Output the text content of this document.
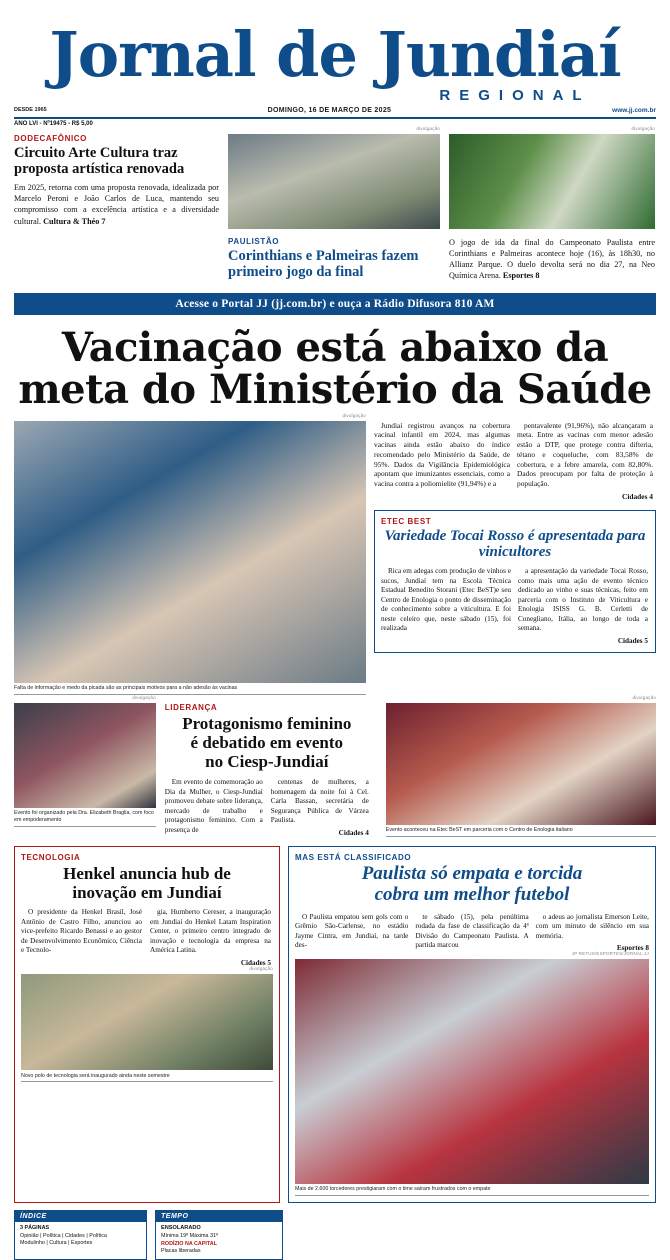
Jornal de Jundiaí
REGIONAL
DESDE 1965	DOMINGO, 16 DE MARÇO DE 2025	www.jj.com.br
ANO LVI - Nº19475 - R$ 5,00
DODECAFÔNICO
Circuito Arte Cultura traz proposta artística renovada

Em 2025, retorna com uma proposta renovada, idealizada por Marcelo Peroni e João Carlos de Luca, mantendo seu compromisso com a excelência artística e a diversidade cultural. Cultura & Théo 7

divulgação	divulgação
PAULISTÃO
Corinthians e Palmeiras fazem primeiro jogo da final

O jogo de ida da final do Campeonato Paulista entre Corinthians e Palmeiras acontece hoje (16), às 18h30, no Allianz Parque. O duelo devolta será no dia 27, na Neo Química Arena. Esportes 8

Acesse o Portal JJ (jj.com.br) e ouça a Rádio Difusora 810 AM
Vacinação está abaixo da
meta do Ministério da Saúde
divulgação
Falta de informação e medo da picada são as principais motivos para a não adesão às vacinas

Jundiaí registrou avanços na cobertura vacinal infantil em 2024, mas algumas vacinas ainda estão abaixo do índice recomendado pelo Ministério da Saúde, de 95%. Dados da Vigilância Epidemiológica apontam que imunizantes essenciais, como a vacina contra a poliomielite (91,94%) e a

pentavalente (91,96%), não alcançaram a meta. Entre as vacinas com menor adesão estão a DTP, que protege contra difteria, tétano e coqueluche, com 83,58% de cobertura, e a febre amarela, com 82,80%. Dados preocupam por falta de proteção à população.

Cidades 4
ETEC BEST
Variedade Tocai Rosso é apresentada para vinicultores

Rica em adegas com produção de vinhos e sucos, Jundiaí tem na Escola Técnica Estadual Benedito Storani (Etec BeST)e seu Centro de Enologia o ponto de disseminação de conhecimento sobre a viticultura. E foi neste celeiro que, neste sábado (15), foi realizada

a apresentação da variedade Tocai Rosso, como mais uma ação de evento técnico dedicado ao vinho e suas técnicas, feito em parceria com o Instituto de Viticultura e Enologia ISISS G. B. Cerletti de Conegliano, Itália, ao longo de toda a semana.

Cidades 5
divulgação
Evento foi organizado pela Dra. Elizabeth Braglia, com foco em empoderamento
LIDERANÇA
Protagonismo feminino
é debatido em evento
no Ciesp-Jundiaí

Em evento de comemoração ao Dia da Mulher, o Ciesp-Jundiaí promoveu debate sobre liderança, mercado de trabalho e protagonismo feminino. Com a presença de

centenas de mulheres, a homenagem da noite foi à Cel. Carla Bassan, secretária de Segurança Pública de Várzea Paulista.

Cidades 4
divulgação
Evento aconteceu na Etec BeST em parceria com o Centro de Enologia italiano
TECNOLOGIA
Henkel anuncia hub de
inovação em Jundiaí

O presidente da Henkel Brasil, José Antônio de Castro Filho, anunciou ao vice-prefeito Ricardo Benassi e ao gestor de Desenvolvimento Econômico, Ciência e Tecnolo-

gia, Humberto Cereser, a inauguração em Jundiaí do Henkel Latam Inspiration Center, o primeiro centro integrado de inovação e tecnologia da empresa na América Latina.

Cidades 5
divulgação
Novo polo de tecnologia será inaugurado ainda neste semestre
MAS ESTÁ CLASSIFICADO
Paulista só empata e torcida
cobra um melhor futebol

O Paulista empatou sem gols com o Grêmio São-Carlense, no estádio Jayme Cintra, em Jundiaí, na tarde des-

te sábado (15), pela penúltima rodada da fase de classificação da 4ª Divisão do Campeonato Paulista. A partida marcou

o adeus ao jornalista Emerson Leite, com um minuto de silêncio em sua memória.

Esportes 8
JP RETUS/ESPORTES/JORNAL JJ
Mais de 2.600 torcedores prestigiaram com o time saíram frustrados com o empate
ÍNDICE
3 PÁGINAS
Opinião | Política | Cidades | Política
Modulinho | Cultura | Esportes
TEMPO
ENSOLARADO
Mínima 19º Máxima 31º
RODÍZIO NA CAPITAL
Placas liberadas
